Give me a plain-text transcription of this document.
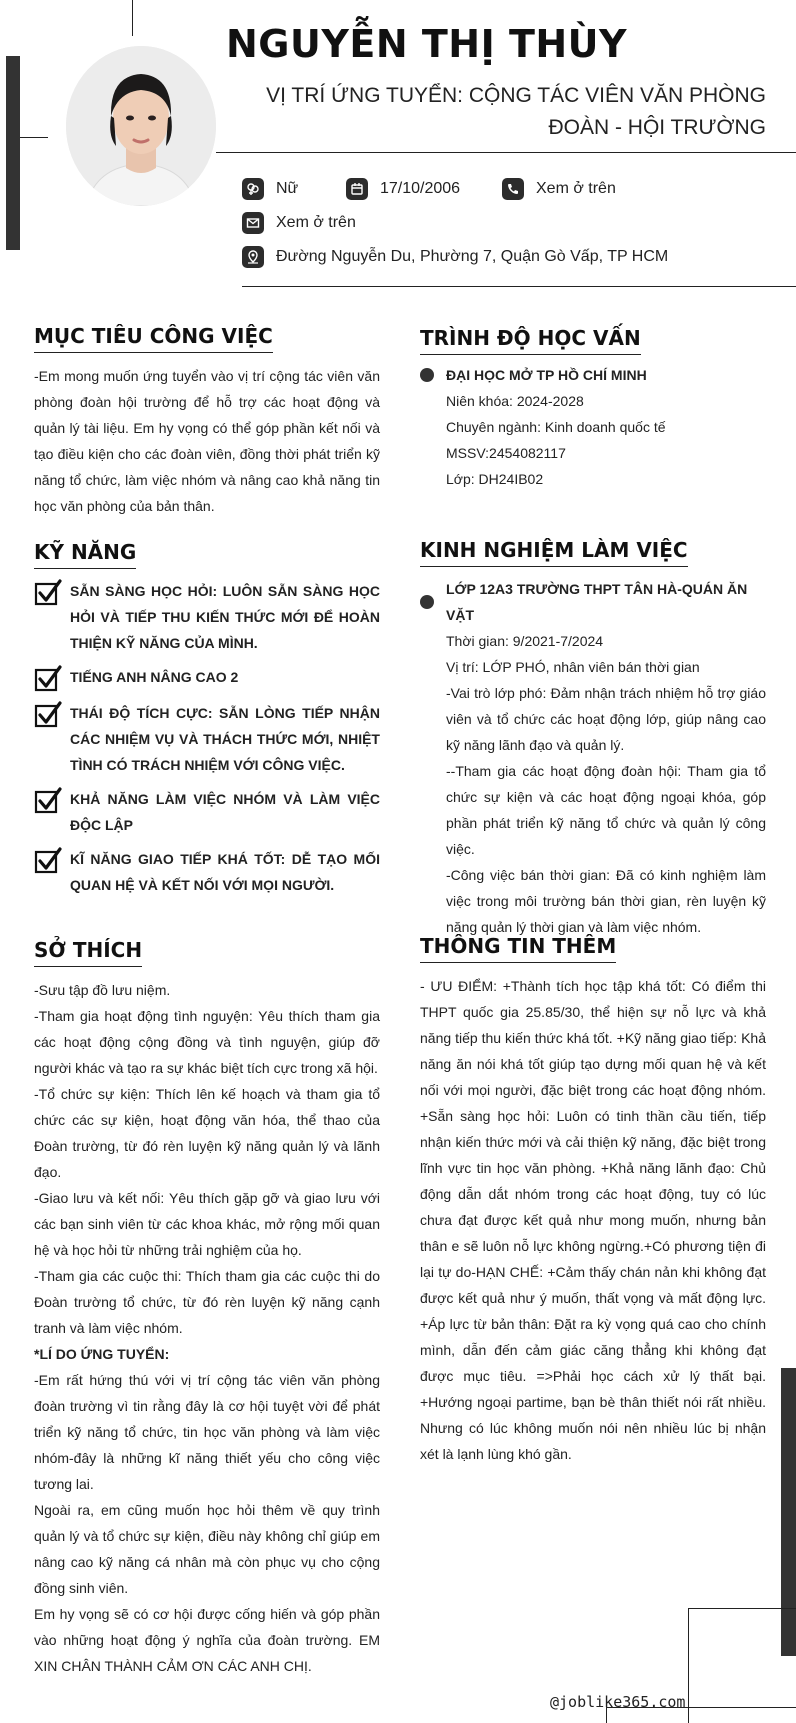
NGUYỄN THỊ THÙY
VỊ TRÍ ỨNG TUYỂN: CỘNG TÁC VIÊN VĂN PHÒNG ĐOÀN - HỘI TRƯỜNG
Nữ	17/10/2006	Xem ở trên
Xem ở trên
Đường Nguyễn Du, Phường 7, Quận Gò Vấp, TP HCM
MỤC TIÊU CÔNG VIỆC
-Em mong muốn ứng tuyển vào vị trí cộng tác viên văn phòng đoàn hội trường để hỗ trợ các hoạt động và quản lý tài liệu. Em hy vọng có thể góp phần kết nối và tạo điều kiện cho các đoàn viên, đồng thời phát triển kỹ năng tổ chức, làm việc nhóm và nâng cao khả năng tin học văn phòng của bản thân.
KỸ NĂNG
SẴN SÀNG HỌC HỎI: LUÔN SẴN SÀNG HỌC HỎI VÀ TIẾP THU KIẾN THỨC MỚI ĐỂ HOÀN THIỆN KỸ NĂNG CỦA MÌNH.
TIẾNG ANH NÂNG CAO 2
THÁI ĐỘ TÍCH CỰC: SẴN LÒNG TIẾP NHẬN CÁC NHIỆM VỤ VÀ THÁCH THỨC MỚI, NHIỆT TÌNH CÓ TRÁCH NHIỆM VỚI CÔNG VIỆC.
KHẢ NĂNG LÀM VIỆC NHÓM VÀ LÀM VIỆC ĐỘC LẬP
KĨ NĂNG GIAO TIẾP KHÁ TỐT: DỄ TẠO MỐI QUAN HỆ VÀ KẾT NỐI VỚI MỌI NGƯỜI.
SỞ THÍCH

-Sưu tập đồ lưu niệm.

-Tham gia hoạt động tình nguyện: Yêu thích tham gia các hoạt động cộng đồng và tình nguyện, giúp đỡ người khác và tạo ra sự khác biệt tích cực trong xã hội.

-Tổ chức sự kiện: Thích lên kế hoạch và tham gia tổ chức các sự kiện, hoạt động văn hóa, thể thao của Đoàn trường, từ đó rèn luyện kỹ năng quản lý và lãnh đạo.

-Giao lưu và kết nối: Yêu thích gặp gỡ và giao lưu với các bạn sinh viên từ các khoa khác, mở rộng mối quan hệ và học hỏi từ những trải nghiệm của họ.

-Tham gia các cuộc thi: Thích tham gia các cuộc thi do Đoàn trường tổ chức, từ đó rèn luyện kỹ năng cạnh tranh và làm việc nhóm.

*LÍ DO ỨNG TUYỂN:

-Em rất hứng thú với vị trí cộng tác viên văn phòng đoàn trường vì tin rằng đây là cơ hội tuyệt vời để phát triển kỹ năng tổ chức, tin học văn phòng và làm việc nhóm-đây là những kĩ năng thiết yếu cho công việc tương lai.

Ngoài ra, em cũng muốn học hỏi thêm về quy trình quản lý và tổ chức sự kiện, điều này không chỉ giúp em nâng cao kỹ năng cá nhân mà còn phục vụ cho cộng đồng sinh viên.

Em hy vọng sẽ có cơ hội được cống hiến và góp phần vào những hoạt động ý nghĩa của đoàn trường. EM XIN CHÂN THÀNH CẢM ƠN CÁC ANH CHỊ.

TRÌNH ĐỘ HỌC VẤN
ĐẠI HỌC MỞ TP HỒ CHÍ MINH

Niên khóa: 2024-2028

Chuyên ngành: Kinh doanh quốc tế

MSSV:2454082117

Lớp: DH24IB02

KINH NGHIỆM LÀM VIỆC
LỚP 12A3 TRƯỜNG THPT TÂN HÀ-QUÁN ĂN VẶT

Thời gian: 9/2021-7/2024

Vị trí: LỚP PHÓ, nhân viên bán thời gian

-Vai trò lớp phó: Đảm nhận trách nhiệm hỗ trợ giáo viên và tổ chức các hoạt động lớp, giúp nâng cao kỹ năng lãnh đạo và quản lý.

--Tham gia các hoạt động đoàn hội: Tham gia tổ chức sự kiện và các hoạt động ngoại khóa, góp phần phát triển kỹ năng tổ chức và quản lý công việc.

-Công việc bán thời gian: Đã có kinh nghiệm làm việc trong môi trường bán thời gian, rèn luyện kỹ năng quản lý thời gian và làm việc nhóm.

THÔNG TIN THÊM
- ƯU ĐIỂM: +Thành tích học tập khá tốt: Có điểm thi THPT quốc gia 25.85/30, thể hiện sự nỗ lực và khả năng tiếp thu kiến thức khá tốt. +Kỹ năng giao tiếp: Khả năng ăn nói khá tốt giúp tạo dựng mối quan hệ và kết nối với mọi người, đặc biệt trong các hoạt động nhóm. +Sẵn sàng học hỏi: Luôn có tinh thần cầu tiến, tiếp nhận kiến thức mới và cải thiện kỹ năng, đặc biệt trong lĩnh vực tin học văn phòng. +Khả năng lãnh đạo: Chủ động dẫn dắt nhóm trong các hoạt động, tuy có lúc chưa đạt được kết quả như mong muốn, nhưng bản thân e sẽ luôn nỗ lực không ngừng.+Có phương tiện đi lại tự do-HẠN CHẾ: +Cảm thấy chán nản khi không đạt được kết quả như ý muốn, thất vọng và mất động lực. +Áp lực từ bản thân: Đặt ra kỳ vọng quá cao cho chính mình, dẫn đến cảm giác căng thẳng khi không đạt được mục tiêu. =>Phải học cách xử lý thất bại. +Hướng ngoại partime, bạn bè thân thiết nói rất nhiều. Nhưng có lúc không muốn nói nên nhiều lúc bị nhận xét là lạnh lùng khó gần.
@joblike365.com
